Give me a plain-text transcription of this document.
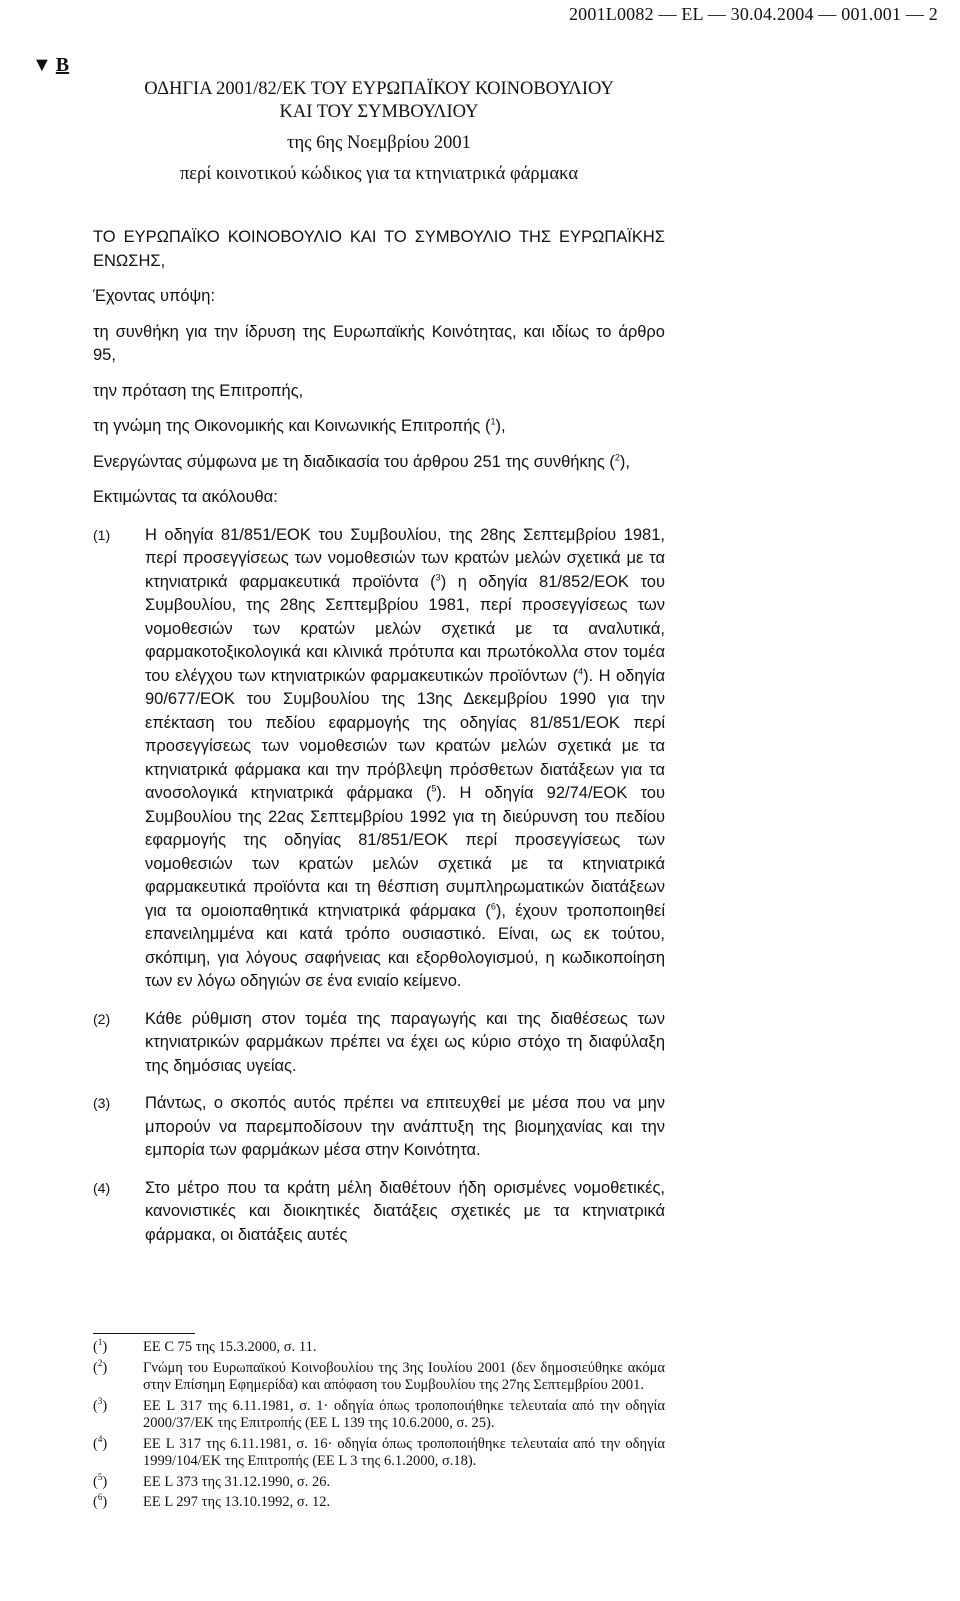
2001L0082 — EL — 30.04.2004 — 001.001 — 2
▼ B

ΟΔΗΓΙΑ 2001/82/ΕΚ ΤΟΥ ΕΥΡΩΠΑΪΚΟΥ ΚΟΙΝΟΒΟΥΛΙΟΥ

ΚΑΙ ΤΟΥ ΣΥΜΒΟΥΛΙΟΥ

της 6ης Νοεμβρίου 2001

περί κοινοτικού κώδικος για τα κτηνιατρικά φάρμακα

ΤΟ ΕΥΡΩΠΑΪΚΟ ΚΟΙΝΟΒΟΥΛΙΟ ΚΑΙ ΤΟ ΣΥΜΒΟΥΛΙΟ ΤΗΣ ΕΥΡΩΠΑΪΚΗΣ ΕΝΩΣΗΣ,

Έχοντας υπόψη:

τη συνθήκη για την ίδρυση της Ευρωπαϊκής Κοινότητας, και ιδίως το άρθρο 95,

την πρόταση της Επιτροπής,

τη γνώμη της Οικονομικής και Κοινωνικής Επιτροπής ($^1$),

Ενεργώντας σύμφωνα με τη διαδικασία του άρθρου 251 της συνθήκης ($^2$),

Εκτιμώντας τα ακόλουθα:

(1)	Η οδηγία 81/851/ΕΟΚ του Συμβουλίου, της 28ης Σεπτεμβρίου 1981, περί προσεγγίσεως των νομοθεσιών των κρατών μελών σχετικά με τα κτηνιατρικά φαρμακευτικά προϊόντα ($^3$) η οδηγία 81/852/ΕΟΚ του Συμβουλίου, της 28ης Σεπτεμβρίου 1981, περί προσεγγίσεως των νομοθεσιών των κρατών μελών σχετικά με τα αναλυτικά, φαρμακοτοξικολογικά και κλινικά πρότυπα και πρωτόκολλα στον τομέα του ελέγχου των κτηνιατρικών φαρμακευτικών προϊόντων ($^4$). Η οδηγία 90/677/ΕΟΚ του Συμβουλίου της 13ης Δεκεμβρίου 1990 για την επέκταση του πεδίου εφαρμογής της οδηγίας 81/851/ΕΟΚ περί προσεγγίσεως των νομοθεσιών των κρατών μελών σχετικά με τα κτηνιατρικά φάρμακα και την πρόβλεψη πρόσθετων διατάξεων για τα ανοσολογικά κτηνιατρικά φάρμακα ($^5$). Η οδηγία 92/74/ΕΟΚ του Συμβουλίου της 22ας Σεπτεμβρίου 1992 για τη διεύρυνση του πεδίου εφαρμογής της οδηγίας 81/851/ΕΟΚ περί προσεγγίσεως των νομοθεσιών των κρατών μελών σχετικά με τα κτηνιατρικά φαρμακευτικά προϊόντα και τη θέσπιση συμπληρωματικών διατάξεων για τα ομοιοπαθητικά κτηνιατρικά φάρμακα ($^6$), έχουν τροποποιηθεί επανειλημμένα και κατά τρόπο ουσιαστικό. Είναι, ως εκ τούτου, σκόπιμη, για λόγους σαφήνειας και εξορθολογισμού, η κωδικοποίηση των εν λόγω οδηγιών σε ένα ενιαίο κείμενο.
(2)	Κάθε ρύθμιση στον τομέα της παραγωγής και της διαθέσεως των κτηνιατρικών φαρμάκων πρέπει να έχει ως κύριο στόχο τη διαφύλαξη της δημόσιας υγείας.
(3)	Πάντως, ο σκοπός αυτός πρέπει να επιτευχθεί με μέσα που να μην μπορούν να παρεμποδίσουν την ανάπτυξη της βιομηχανίας και την εμπορία των φαρμάκων μέσα στην Κοινότητα.
(4)	Στο μέτρο που τα κράτη μέλη διαθέτουν ήδη ορισμένες νομοθετικές, κανονιστικές και διοικητικές διατάξεις σχετικές με τα κτηνιατρικά φάρμακα, οι διατάξεις αυτές
($^1$)	ΕΕ C 75 της 15.3.2000, σ. 11.
($^2$)	Γνώμη του Ευρωπαϊκού Κοινοβουλίου της 3ης Ιουλίου 2001 (δεν δημοσιεύθηκε ακόμα στην Επίσημη Εφημερίδα) και απόφαση του Συμβουλίου της 27ης Σεπτεμβρίου 2001.
($^3$)	ΕΕ L 317 της 6.11.1981, σ. 1· οδηγία όπως τροποποιήθηκε τελευταία από την οδηγία 2000/37/ΕΚ της Επιτροπής (ΕΕ L 139 της 10.6.2000, σ. 25).
($^4$)	ΕΕ L 317 της 6.11.1981, σ. 16· οδηγία όπως τροποποιήθηκε τελευταία από την οδηγία 1999/104/ΕΚ της Επιτροπής (ΕΕ L 3 της 6.1.2000, σ.18).
($^5$)	ΕΕ L 373 της 31.12.1990, σ. 26.
($^6$)	ΕΕ L 297 της 13.10.1992, σ. 12.
